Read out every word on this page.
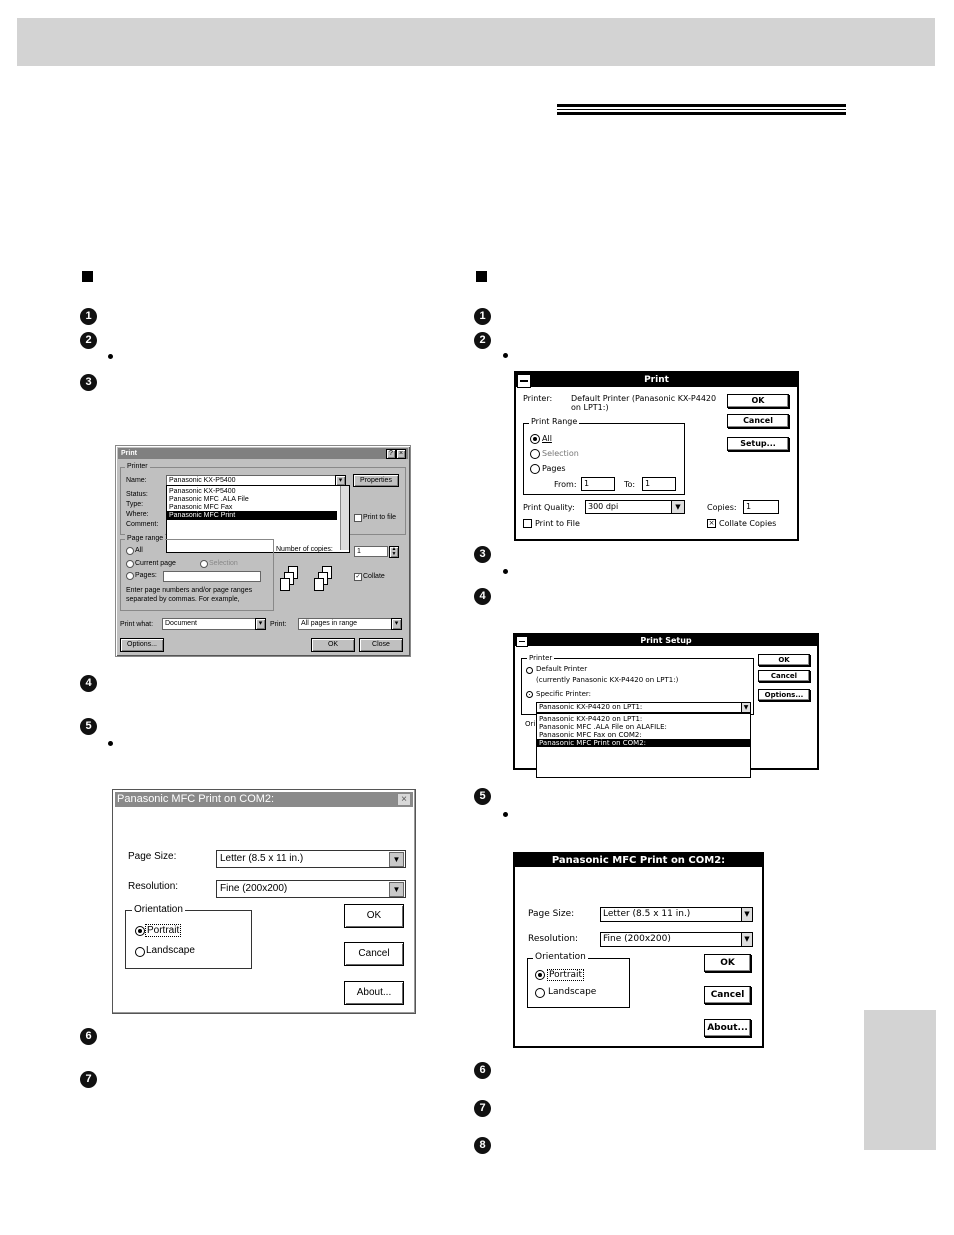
1
2
3
4
5
6
7
1
2
3
4
5
6
7
8
Print	? ×
Printer
Name:
Status:
Type:
Where:
Comment:
Panasonic KX-P5400	▾	Properties
Panasonic KX-P5400
Panasonic MFC .ALA File
Panasonic MFC Fax
Panasonic MFC Print	Print to file
Page range
All
Current page	Selection
Pages:
Enter page numbers and/or page ranges separated by commas. For example,
Number of copies:	1	▲
▼
✓ Collate
Print what:	Document	▾	Print:	All pages in range	▾
Options...	OK	Close
Panasonic MFC Print on COM2:	×
Page Size:	Letter (8.5 x 11 in.)	▼
Resolution:	Fine (200x200)	▼
Orientation
Portrait
Landscape
OK
Cancel
About...
Print
Printer: Default Printer (Panasonic KX-P4420 on LPT1:)
OK
Cancel
Setup...
Print Range
All
Selection
Pages
From: 1	To:	1
Print Quality:	300 dpi	▼	Copies:	1
Print to File	× Collate Copies
Print Setup
Printer
Default Printer
(currently Panasonic KX-P4420 on LPT1:)
Specific Printer:
Panasonic KX-P4420 on LPT1:	▼
Ori
Panasonic KX-P4420 on LPT1:
Panasonic MFC .ALA File on ALAFILE:
Panasonic MFC Fax on COM2:
Panasonic MFC Print on COM2:
OK
Cancel
Options...
Panasonic MFC Print on COM2:
Page Size:	Letter (8.5 x 11 in.)	▼
Resolution:	Fine (200x200)	▼
Orientation
Portrait
Landscape
OK
Cancel
About...
